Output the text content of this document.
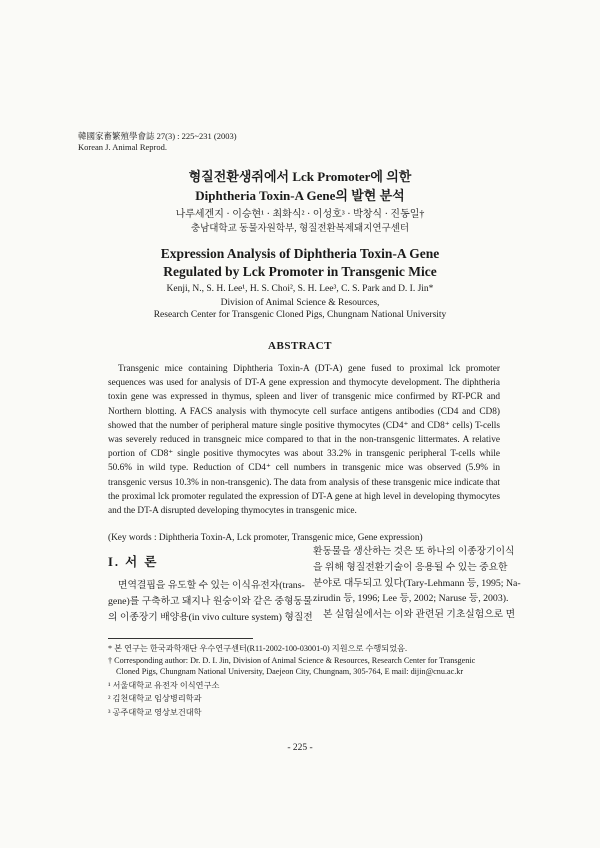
韓國家畜繁殖學會誌 27(3) : 225~231 (2003)
Korean J. Animal Reprod.
형질전환생쥐에서 Lck Promoter에 의한
Diphtheria Toxin-A Gene의 발현 분석
나루세겐지 · 이승현¹ · 최화식² · 이성호³ · 박창식 · 진동일†
충남대학교 동물자원학부, 형질전환복제돼지연구센터
Expression Analysis of Diphtheria Toxin-A Gene
Regulated by Lck Promoter in Transgenic Mice
Kenji, N., S. H. Lee¹, H. S. Choi², S. H. Lee³, C. S. Park and D. I. Jin*
Division of Animal Science & Resources,
Research Center for Transgenic Cloned Pigs, Chungnam National University
ABSTRACT
Transgenic mice containing Diphtheria Toxin-A (DT-A) gene fused to proximal lck promoter
sequences was used for analysis of DT-A gene expression and thymocyte development. The diphtheria
toxin gene was expressed in thymus, spleen and liver of transgenic mice confirmed by RT-PCR and
Northern blotting. A FACS analysis with thymocyte cell surface antigens antibodies (CD4 and CD8)
showed that the number of peripheral mature single positive thymocytes (CD4⁺ and CD8⁺ cells) T-cells
was severely reduced in transgneic mice compared to that in the non-transgenic littermates. A relative
portion of CD8⁺ single positive thymocytes was about 33.2% in transgenic peripheral T-cells while
50.6% in wild type. Reduction of CD4⁺ cell numbers in transgenic mice was observed (5.9% in
transgenic versus 10.3% in non-transgenic). The data from analysis of these transgenic mice indicate that
the proximal lck promoter regulated the expression of DT-A gene at high level in developing thymocytes
and the DT-A disrupted developing thymocytes in transgenic mice.
(Key words : Diphtheria Toxin-A, Lck promoter, Transgenic mice, Gene expression)
I. 서 론
면역결핍을 유도할 수 있는 이식유전자(trans-
gene)를 구축하고 돼지나 원숭이와 같은 중형동물
의 이종장기 배양용(in vivo culture system) 형질전
환동물을 생산하는 것은 또 하나의 이종장기이식
을 위해 형질전환기술이 응용될 수 있는 중요한
분야로 대두되고 있다(Tary-Lehmann 등, 1995; Na-
zirudin 등, 1996; Lee 등, 2002; Naruse 등, 2003).
본 실험실에서는 이와 관련된 기초실험으로 면
* 본 연구는 한국과학재단 우수연구센터(R11-2002-100-03001-0) 지원으로 수행되었음.
† Corresponding author: Dr. D. I. Jin, Division of Animal Science & Resources, Research Center for Transgenic
Cloned Pigs, Chungnam National University, Daejeon City, Chungnam, 305-764, E mail: dijin@cnu.ac.kr
¹ 서울대학교 유전자 이식연구소
² 김천대학교 임상병리학과
³ 공주대학교 영상보건대학
- 225 -
